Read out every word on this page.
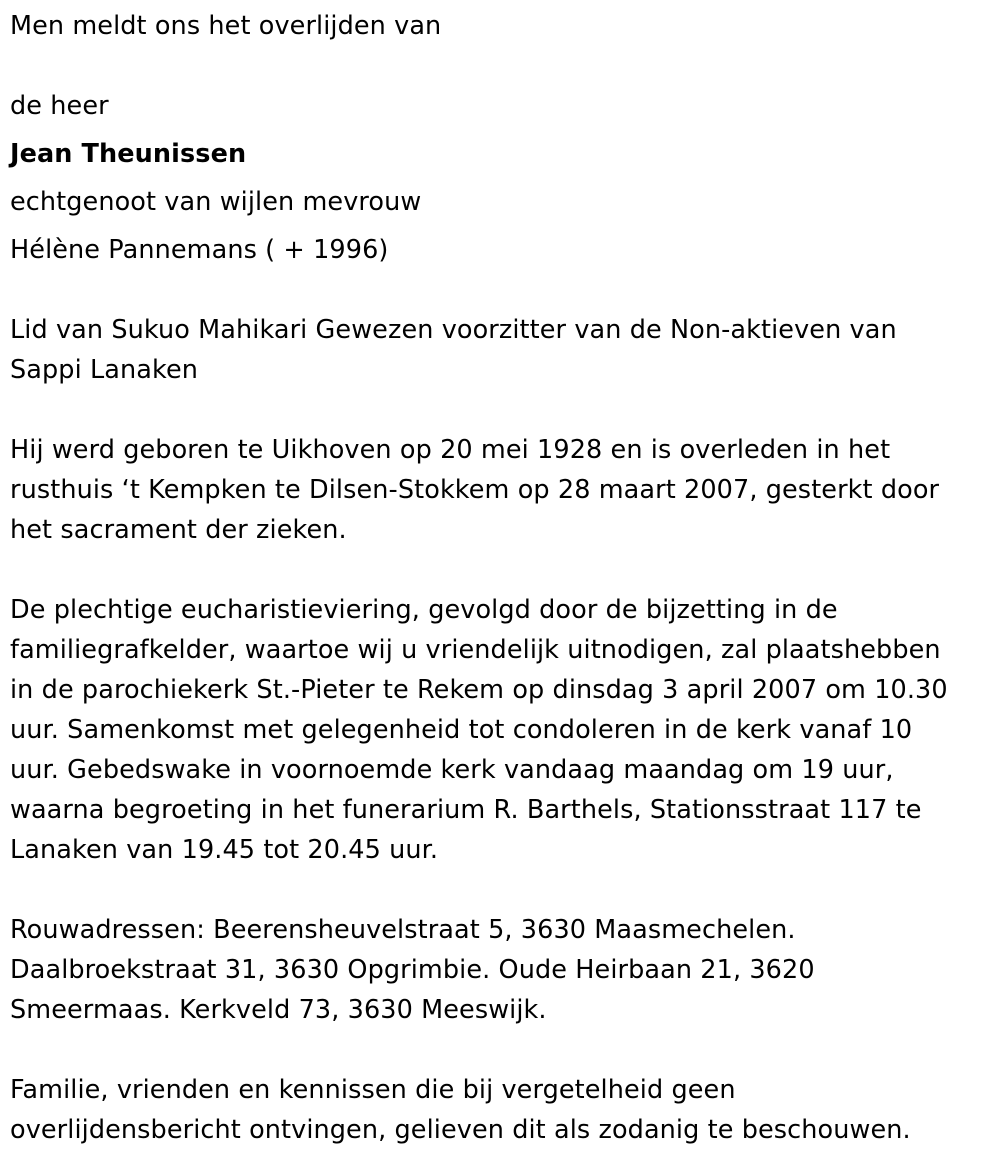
Men meldt ons het overlijden van
de heer
Jean Theunissen
echtgenoot van wijlen mevrouw
Hélène Pannemans ( + 1996)
Lid van Sukuo Mahikari Gewezen voorzitter van de Non-aktieven van
Sappi Lanaken
Hij werd geboren te Uikhoven op 20 mei 1928 en is overleden in het
rusthuis ‘t Kempken te Dilsen-Stokkem op 28 maart 2007, gesterkt door
het sacrament der zieken.
De plechtige eucharistieviering, gevolgd door de bijzetting in de
familiegrafkelder, waartoe wij u vriendelijk uitnodigen, zal plaatshebben
in de parochiekerk St.-Pieter te Rekem op dinsdag 3 april 2007 om 10.30
uur. Samenkomst met gelegenheid tot condoleren in de kerk vanaf 10
uur. Gebedswake in voornoemde kerk vandaag maandag om 19 uur,
waarna begroeting in het funerarium R. Barthels, Stationsstraat 117 te
Lanaken van 19.45 tot 20.45 uur.
Rouwadressen: Beerensheuvelstraat 5, 3630 Maasmechelen.
Daalbroekstraat 31, 3630 Opgrimbie. Oude Heirbaan 21, 3620
Smeermaas. Kerkveld 73, 3630 Meeswijk.
Familie, vrienden en kennissen die bij vergetelheid geen
overlijdensbericht ontvingen, gelieven dit als zodanig te beschouwen.
